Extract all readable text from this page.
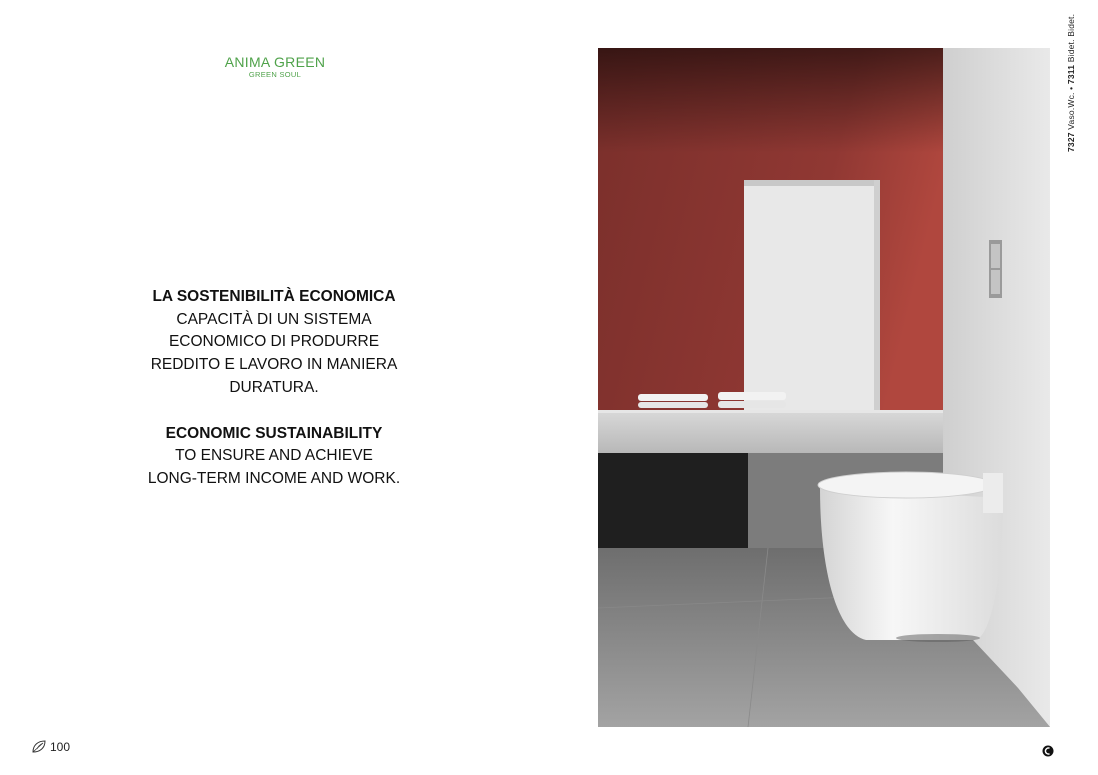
ANIMA GREEN
GREEN SOUL
LA SOSTENIBILITÀ ECONOMICA

CAPACITÀ DI UN SISTEMA

ECONOMICO DI PRODURRE

REDDITO E LAVORO IN MANIERA

DURATURA.

ECONOMIC SUSTAINABILITY

TO ENSURE AND ACHIEVE

LONG-TERM INCOME AND WORK.

100
7327 Vaso.Wc. • 7311 Bidet. Bidet.
